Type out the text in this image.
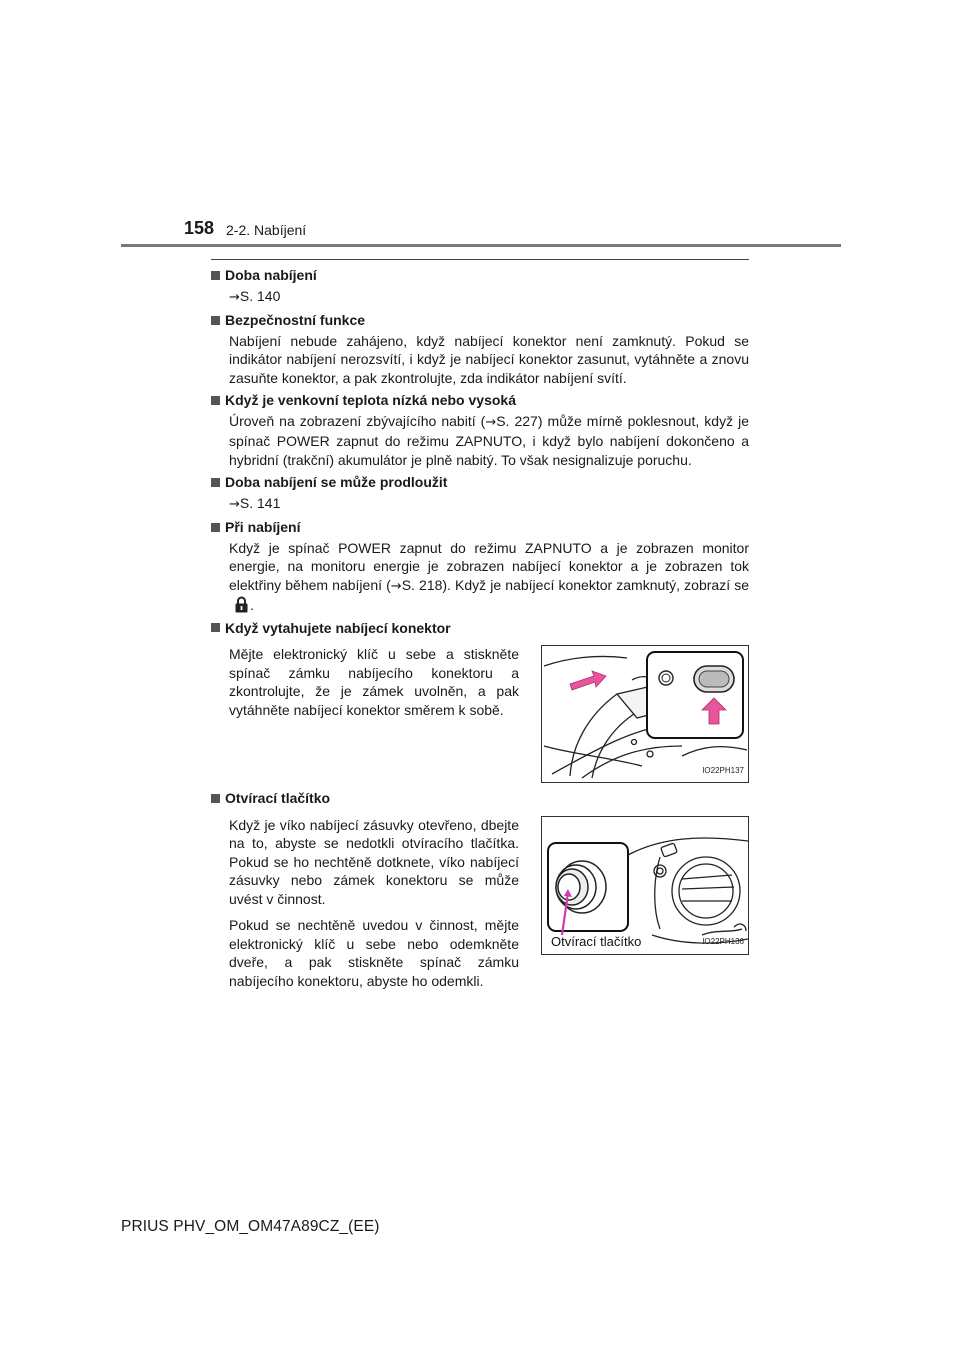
158 2-2. Nabíjení
Doba nabíjení
→S. 140
Bezpečnostní funkce
Nabíjení nebude zahájeno, když nabíjecí konektor není zamknutý. Pokud se indikátor nabíjení nerozsvítí, i když je nabíjecí konektor zasunut, vytáhněte a znovu zasuňte konektor, a pak zkontrolujte, zda indikátor nabíjení svítí.
Když je venkovní teplota nízká nebo vysoká
Úroveň na zobrazení zbývajícího nabití (→S. 227) může mírně poklesnout, když je spínač POWER zapnut do režimu ZAPNUTO, i když bylo nabíjení dokončeno a hybridní (trakční) akumulátor je plně nabitý. To však nesignalizuje poruchu.
Doba nabíjení se může prodloužit
→S. 141
Při nabíjení
Když je spínač POWER zapnut do režimu ZAPNUTO a je zobrazen monitor energie, na monitoru energie je zobrazen nabíjecí konektor a je zobrazen tok elektřiny během nabíjení (→S. 218). Když je nabíjecí konektor zamknutý, zobrazí se.
Když vytahujete nabíjecí konektor

Mějte elektronický klíč u sebe a stiskněte spínač zámku nabíjecího konektoru a zkontrolujte, že je zámek uvolněn, a pak vytáhněte nabíjecí konektor směrem k sobě.

IO22PH137
Otvírací tlačítko

Když je víko nabíjecí zásuvky otevřeno, dbejte na to, abyste se nedotkli otvíracího tlačítka. Pokud se ho nechtěně dotknete, víko nabíjecí zásuvky nebo zámek konektoru se může uvést v činnost.

Pokud se nechtěně uvedou v činnost, mějte elektronický klíč u sebe nebo odemkněte dveře, a pak stiskněte spínač zámku nabíjecího konektoru, abyste ho odemkli.

Otvírací tlačítko	IO22PH136
PRIUS PHV_OM_OM47A89CZ_(EE)
